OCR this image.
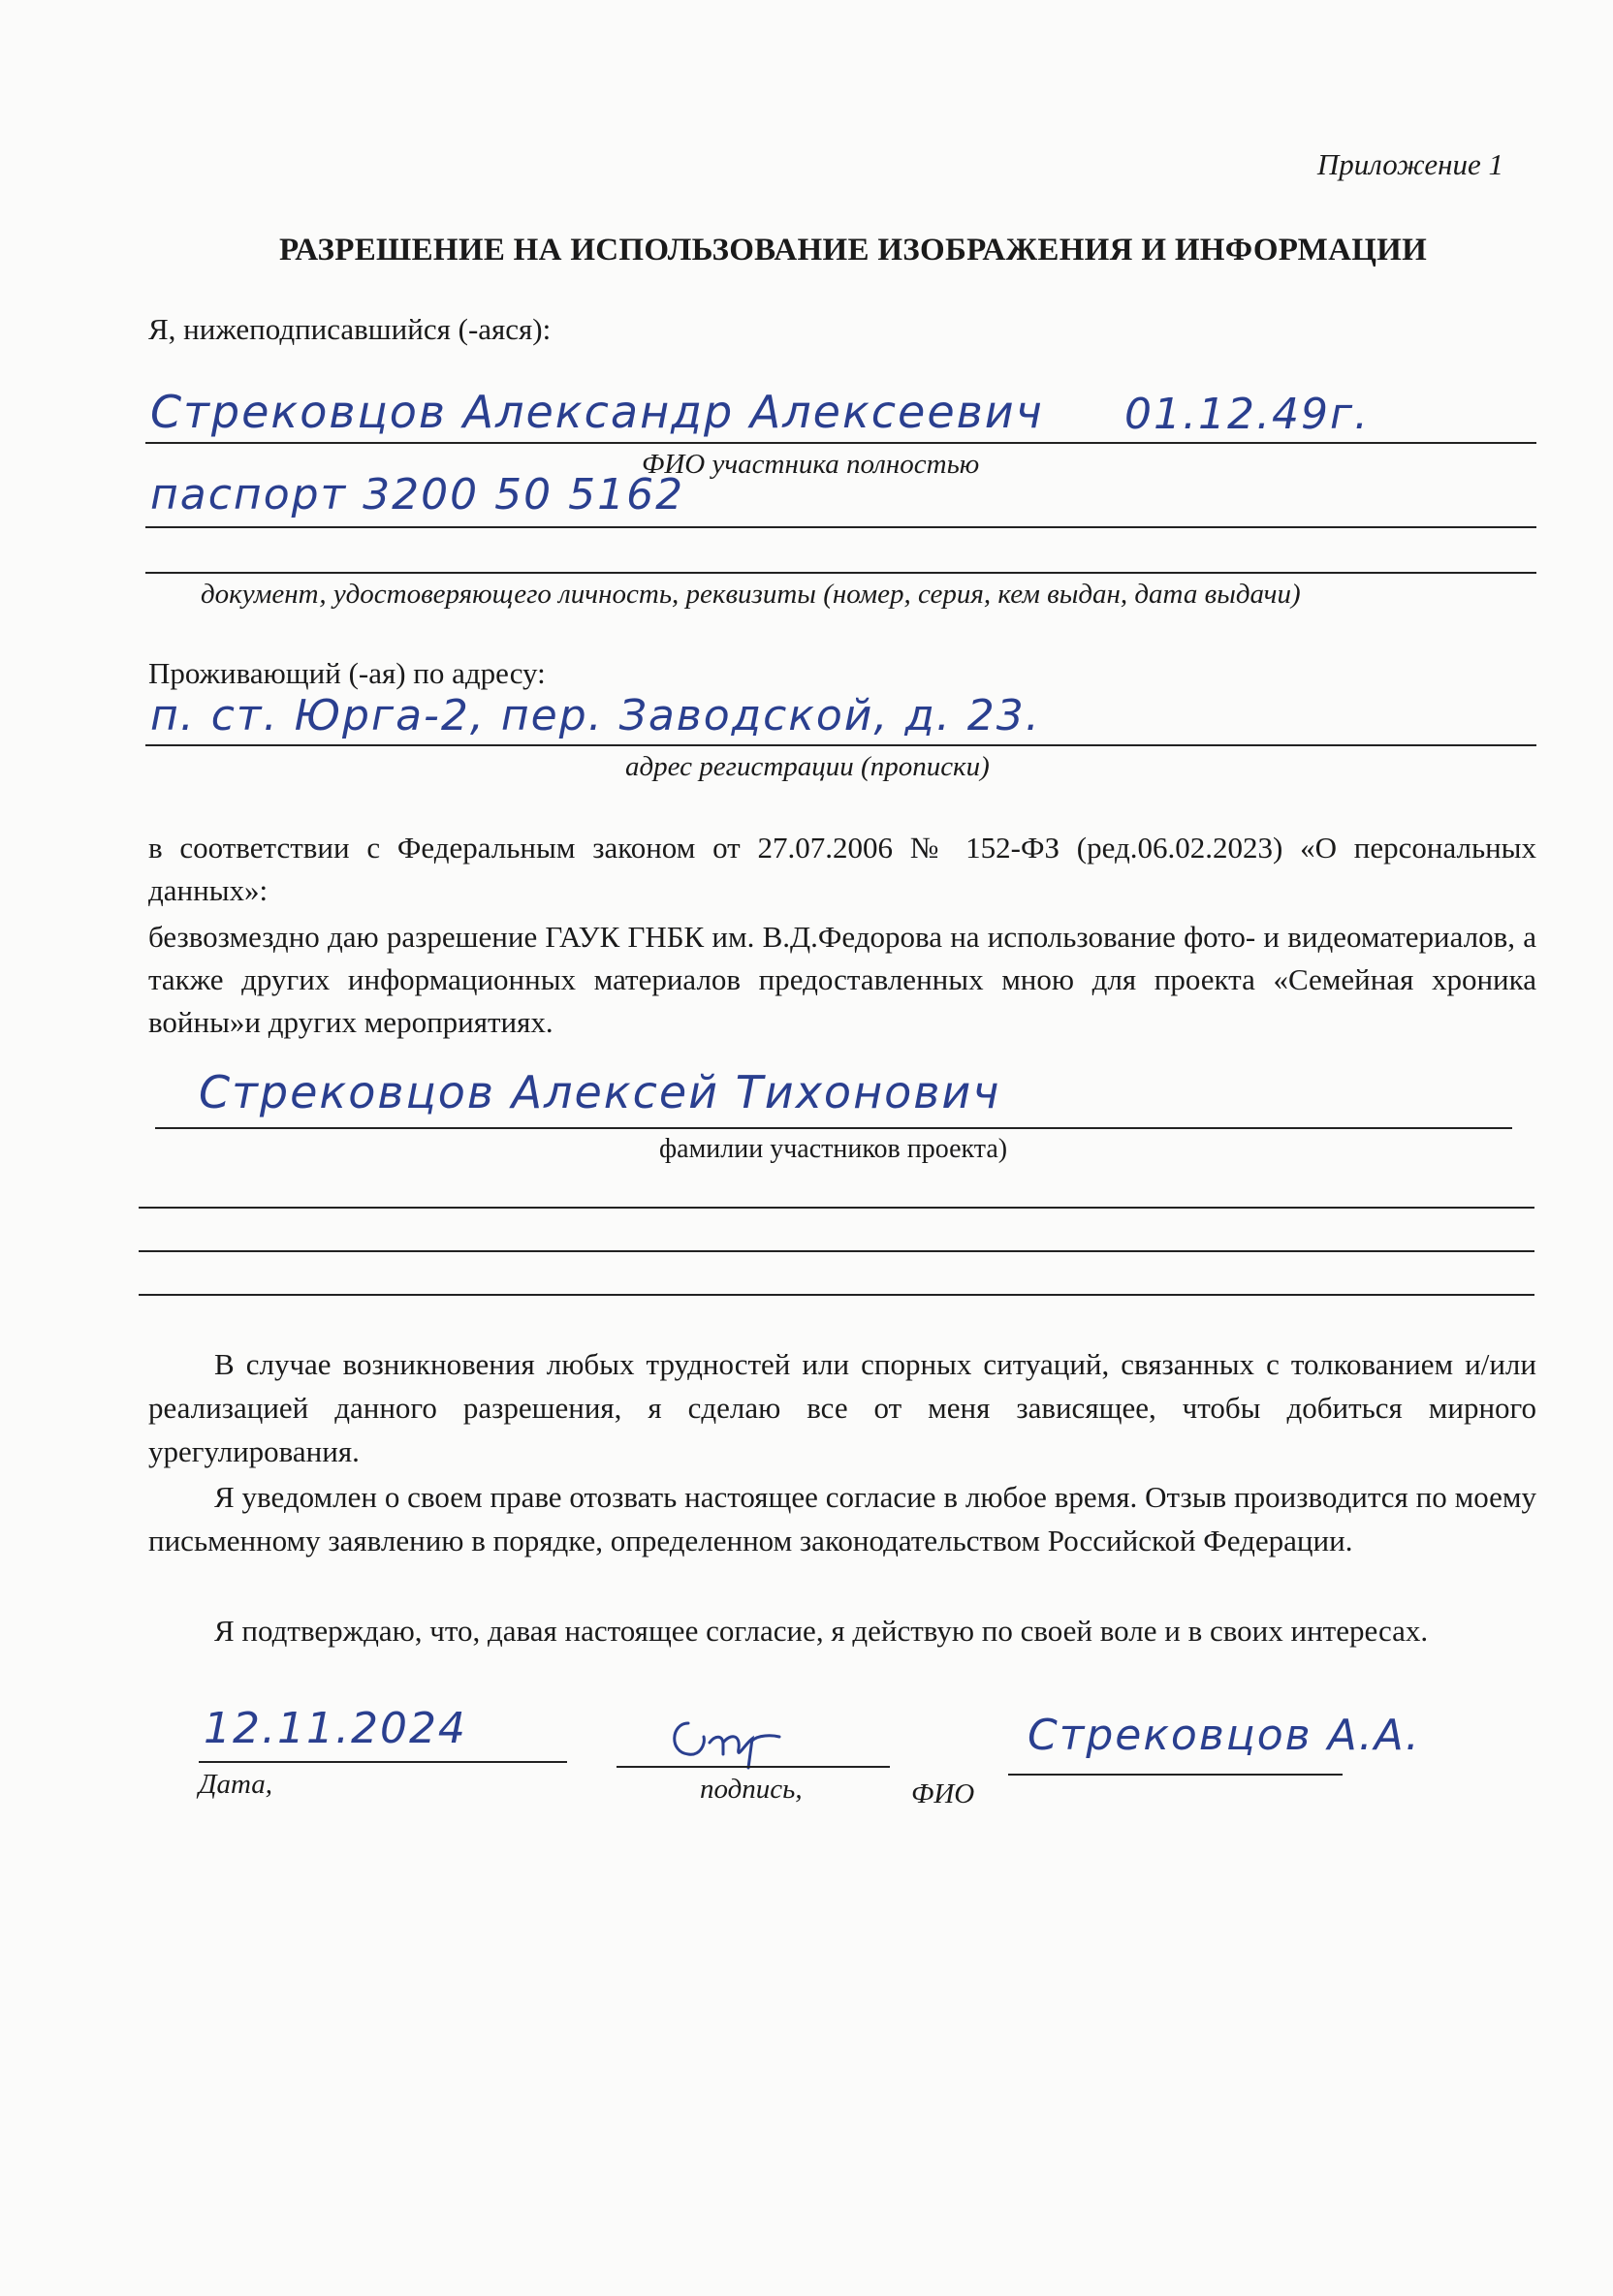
Приложение 1
РАЗРЕШЕНИЕ НА ИСПОЛЬЗОВАНИЕ ИЗОБРАЖЕНИЯ И ИНФОРМАЦИИ
Я, нижеподписавшийся (-аяся):
Стрековцов Александр Алексеевич 01.12.49г.
ФИО участника полностью
паспорт 3200 50 5162
документ, удостоверяющего личность, реквизиты (номер, серия, кем выдан, дата выдачи)
Проживающий (-ая) по адресу:
п. ст. Юрга-2, пер. Заводской, д. 23.
адрес регистрации (прописки)
в соответствии с Федеральным законом от 27.07.2006 № 152-ФЗ (ред.06.02.2023) «О персональных данных»:
безвозмездно даю разрешение ГАУК ГНБК им. В.Д.Федорова на использование фото- и видеоматериалов, а также других информационных материалов предоставленных мною для проекта «Семейная хроника войны»и других мероприятиях.
Стрековцов Алексей Тихонович
фамилии участников проекта)
В случае возникновения любых трудностей или спорных ситуаций, связанных с толкованием и/или реализацией данного разрешения, я сделаю все от меня зависящее, чтобы добиться мирного урегулирования.
Я уведомлен о своем праве отозвать настоящее согласие в любое время. Отзыв производится по моему письменному заявлению в порядке, определенном законодательством Российской Федерации.
Я подтверждаю, что, давая настоящее согласие, я действую по своей воле и в своих интересах.
12.11.2024
Дата,	подпись,	ФИО
Стрековцов А.А.
